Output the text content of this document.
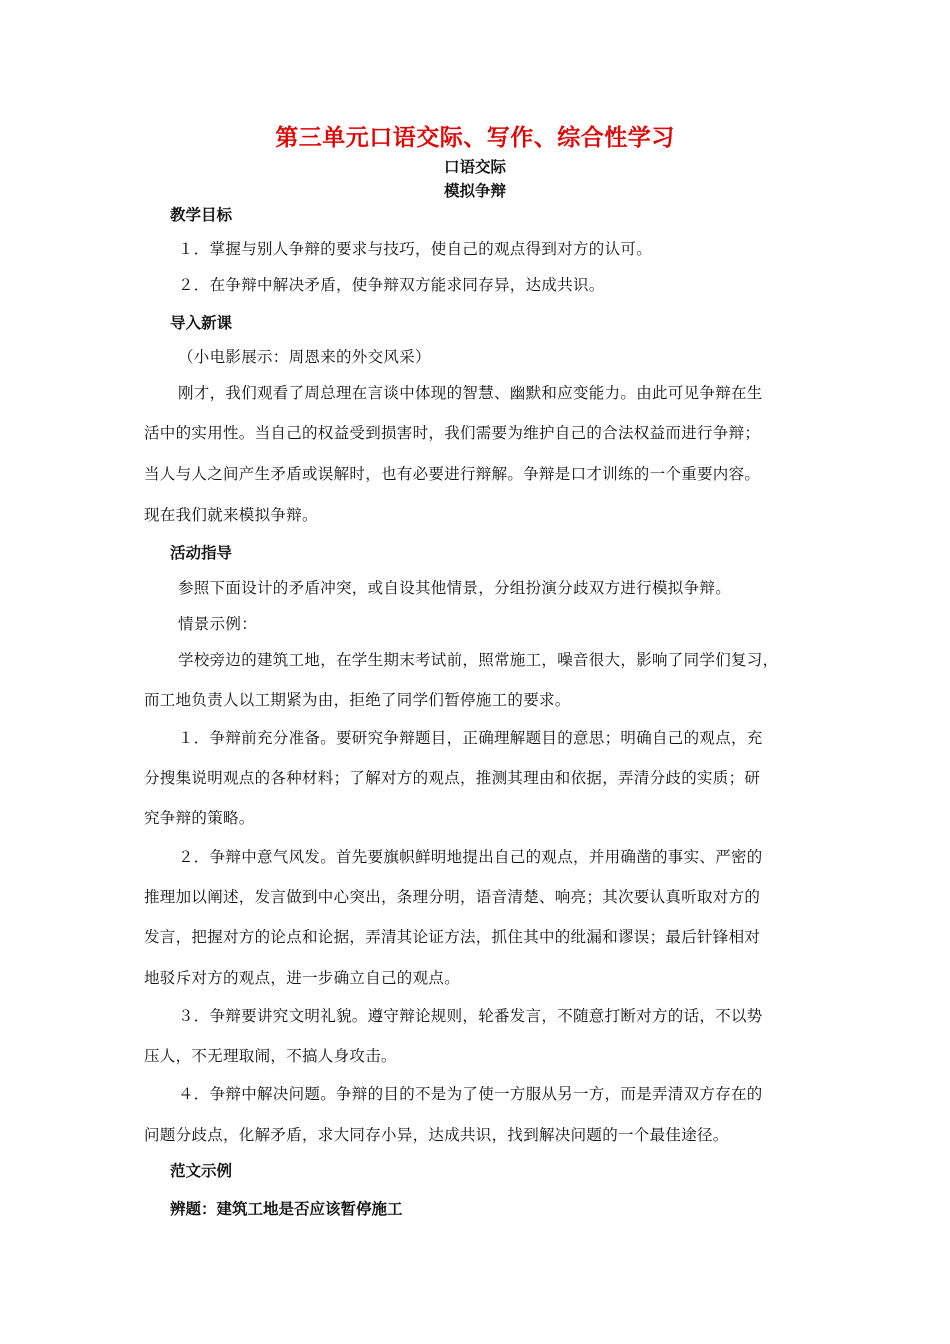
第三单元口语交际、写作、综合性学习
口语交际
模拟争辩
教学目标
１．掌握与别人争辩的要求与技巧，使自己的观点得到对方的认可。
２．在争辩中解决矛盾，使争辩双方能求同存异，达成共识。
导入新课
（小电影展示：周恩来的外交风采）
刚才，我们观看了周总理在言谈中体现的智慧、幽默和应变能力。由此可见争辩在生
活中的实用性。当自己的权益受到损害时，我们需要为维护自己的合法权益而进行争辩；
当人与人之间产生矛盾或误解时，也有必要进行辩解。争辩是口才训练的一个重要内容。
现在我们就来模拟争辩。
活动指导
参照下面设计的矛盾冲突，或自设其他情景，分组扮演分歧双方进行模拟争辩。
情景示例：
学校旁边的建筑工地，在学生期末考试前，照常施工，噪音很大，影响了同学们复习，
而工地负责人以工期紧为由，拒绝了同学们暂停施工的要求。
１．争辩前充分准备。要研究争辩题目，正确理解题目的意思；明确自己的观点，充
分搜集说明观点的各种材料；了解对方的观点，推测其理由和依据，弄清分歧的实质；研
究争辩的策略。
２．争辩中意气风发。首先要旗帜鲜明地提出自己的观点，并用确凿的事实、严密的
推理加以阐述，发言做到中心突出，条理分明，语音清楚、响亮；其次要认真听取对方的
发言，把握对方的论点和论据，弄清其论证方法，抓住其中的纰漏和谬误；最后针锋相对
地驳斥对方的观点，进一步确立自己的观点。
３．争辩要讲究文明礼貌。遵守辩论规则，轮番发言，不随意打断对方的话，不以势
压人，不无理取闹，不搞人身攻击。
４．争辩中解决问题。争辩的目的不是为了使一方服从另一方，而是弄清双方存在的
问题分歧点，化解矛盾，求大同存小异，达成共识，找到解决问题的一个最佳途径。
范文示例
辨题：建筑工地是否应该暂停施工
